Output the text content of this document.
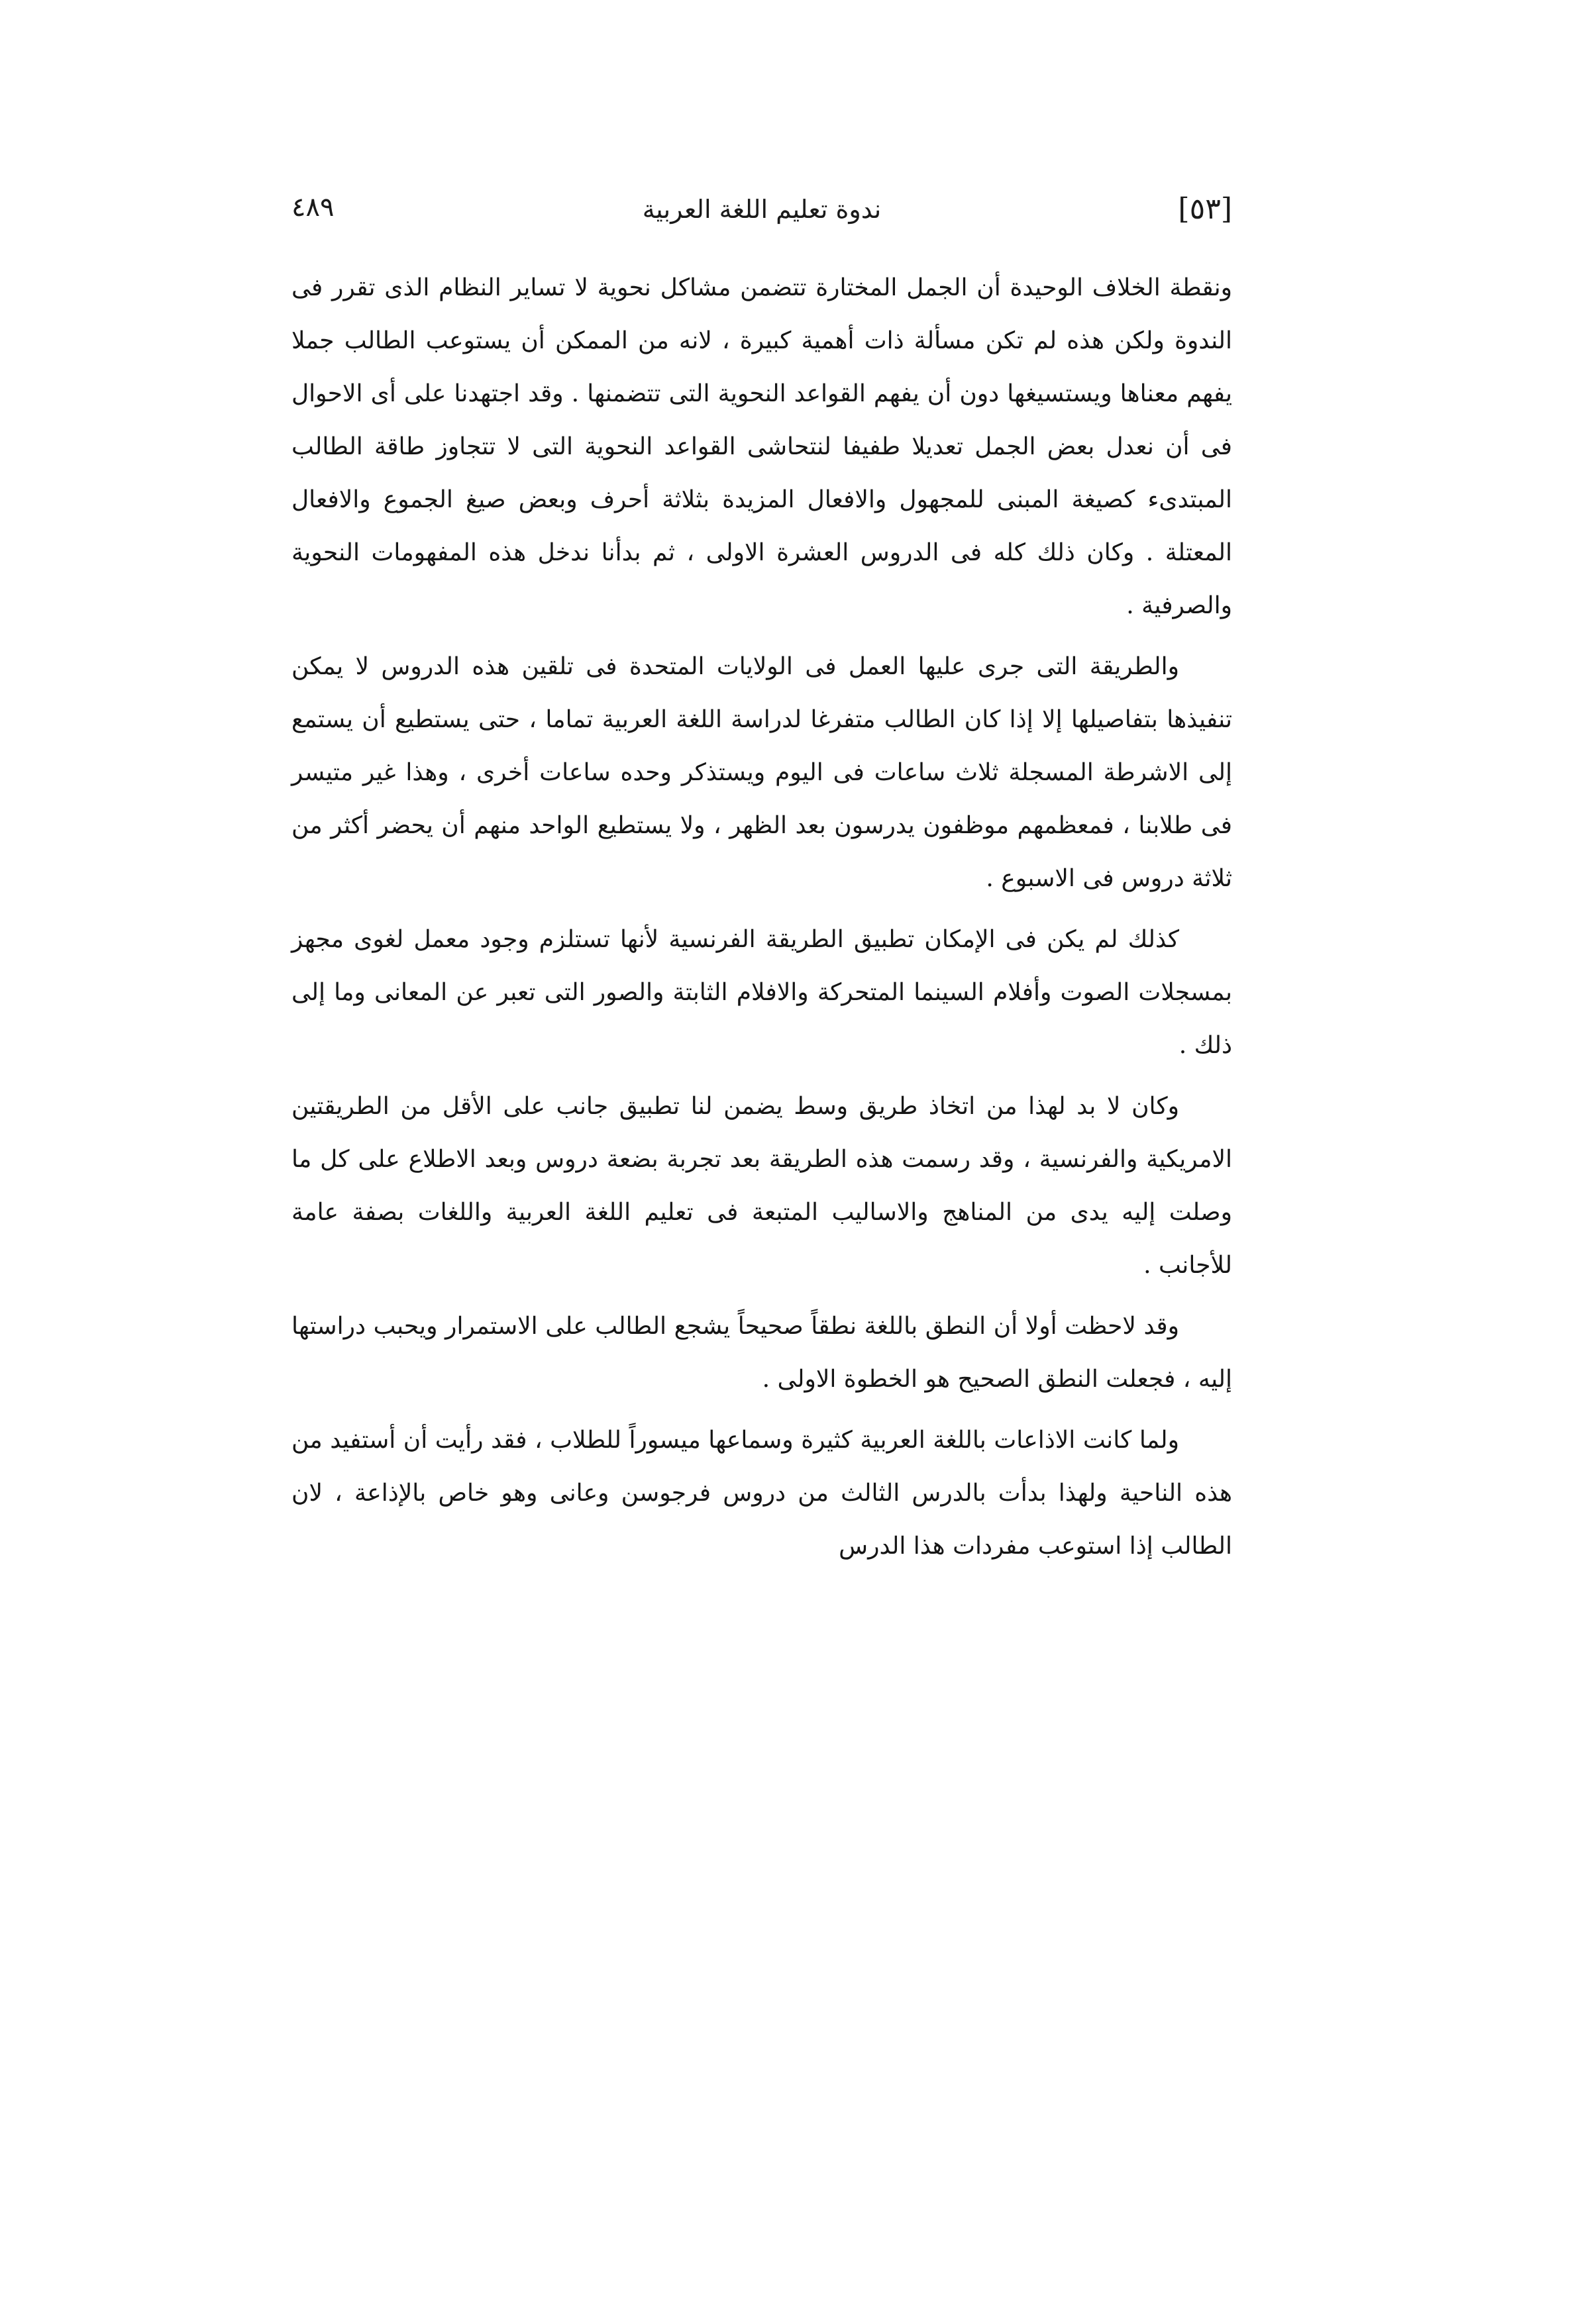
[٥٣]
ندوة تعليم اللغة العربية
٤٨٩

ونقطة الخلاف الوحيدة أن الجمل المختارة تتضمن مشاكل نحوية لا تساير النظام الذى تقرر فى الندوة ولكن هذه لم تكن مسألة ذات أهمية كبيرة ، لانه من الممكن أن يستوعب الطالب جملا يفهم معناها ويستسيغها دون أن يفهم القواعد النحوية التى تتضمنها . وقد اجتهدنا على أى الاحوال فى أن نعدل بعض الجمل تعديلا طفيفا لنتحاشى القواعد النحوية التى لا تتجاوز طاقة الطالب المبتدىء كصيغة المبنى للمجهول والافعال المزيدة بثلاثة أحرف وبعض صيغ الجموع والافعال المعتلة . وكان ذلك كله فى الدروس العشرة الاولى ، ثم بدأنا ندخل هذه المفهومات النحوية والصرفية .

والطريقة التى جرى عليها العمل فى الولايات المتحدة فى تلقين هذه الدروس لا يمكن تنفيذها بتفاصيلها إلا إذا كان الطالب متفرغا لدراسة اللغة العربية تماما ، حتى يستطيع أن يستمع إلى الاشرطة المسجلة ثلاث ساعات فى اليوم ويستذكر وحده ساعات أخرى ، وهذا غير متيسر فى طلابنا ، فمعظمهم موظفون يدرسون بعد الظهر ، ولا يستطيع الواحد منهم أن يحضر أكثر من ثلاثة دروس فى الاسبوع .

كذلك لم يكن فى الإمكان تطبيق الطريقة الفرنسية لأنها تستلزم وجود معمل لغوى مجهز بمسجلات الصوت وأفلام السينما المتحركة والافلام الثابتة والصور التى تعبر عن المعانى وما إلى ذلك .

وكان لا بد لهذا من اتخاذ طريق وسط يضمن لنا تطبيق جانب على الأقل من الطريقتين الامريكية والفرنسية ، وقد رسمت هذه الطريقة بعد تجربة بضعة دروس وبعد الاطلاع على كل ما وصلت إليه يدى من المناهج والاساليب المتبعة فى تعليم اللغة العربية واللغات بصفة عامة للأجانب .

وقد لاحظت أولا أن النطق باللغة نطقاً صحيحاً يشجع الطالب على الاستمرار ويحبب دراستها إليه ، فجعلت النطق الصحيح هو الخطوة الاولى .

ولما كانت الاذاعات باللغة العربية كثيرة وسماعها ميسوراً للطلاب ، فقد رأيت أن أستفيد من هذه الناحية ولهذا بدأت بالدرس الثالث من دروس فرجوسن وعانى وهو خاص بالإذاعة ، لان الطالب إذا استوعب مفردات هذا الدرس
